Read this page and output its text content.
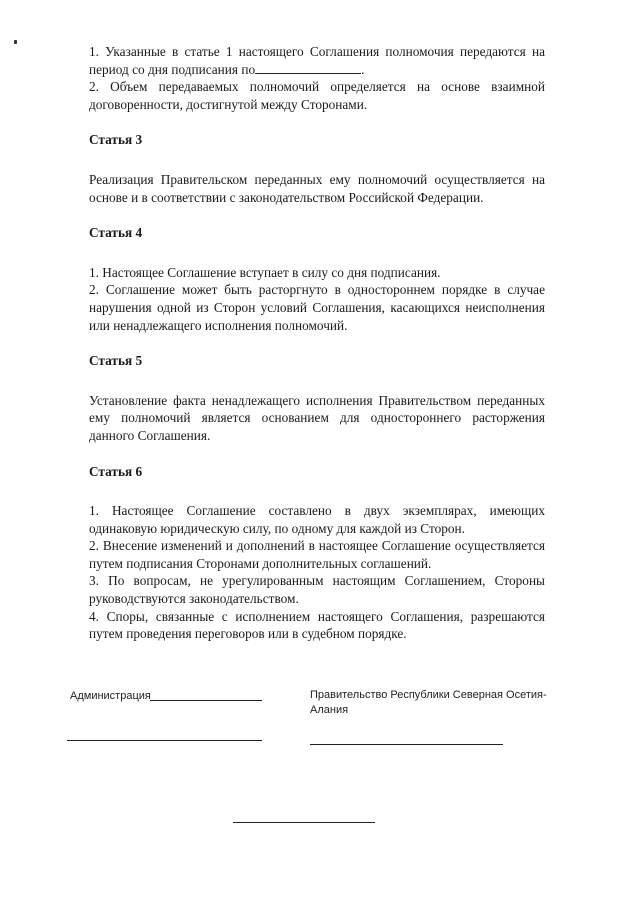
1. Указанные в статье 1 настоящего Соглашения полномочия передаются на период со дня подписания по	.

2. Объем передаваемых полномочий определяется на основе взаимной договоренности, достигнутой между Сторонами.

Статья 3

Реализация Правительском переданных ему полномочий осуществляется на основе и в соответствии с законодательством Российской Федерации.

Статья 4

1. Настоящее Соглашение вступает в силу со дня подписания.

2. Соглашение может быть расторгнуто в одностороннем порядке в случае нарушения одной из Сторон условий Соглашения, касающихся неисполнения или ненадлежащего исполнения полномочий.

Статья 5

Установление факта ненадлежащего исполнения Правительством переданных ему полномочий является основанием для одностороннего расторжения данного Соглашения.

Статья 6

1. Настоящее Соглашение составлено в двух экземплярах, имеющих одинаковую юридическую силу, по одному для каждой из Сторон.

2. Внесение изменений и дополнений в настоящее Соглашение осуществляется путем подписания Сторонами дополнительных соглашений.

3. По вопросам, не урегулированным настоящим Соглашением, Стороны руководствуются законодательством.

4. Споры, связанные с исполнением настоящего Соглашения, разрешаются путем проведения переговоров или в судебном порядке.

Администрация	Правительство Республики Северная Осетия-Алания
